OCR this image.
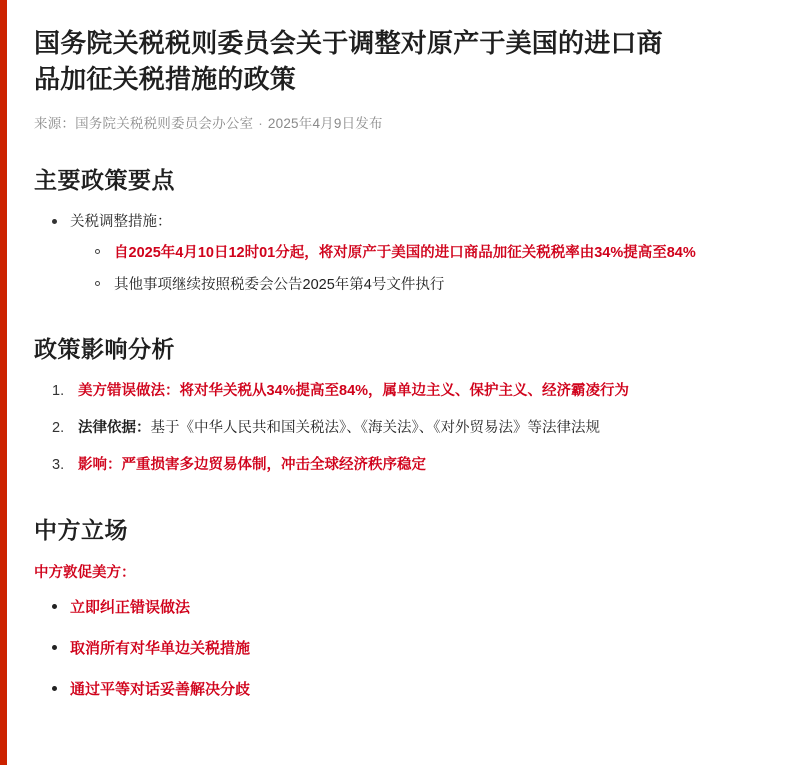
国务院关税税则委员会关于调整对原产于美国的进口商品加征关税措施的政策
来源：国务院关税税则委员会办公室 · 2025年4月9日发布
主要政策要点
关税调整措施：
自2025年4月10日12时01分起，将对原产于美国的进口商品加征关税税率由34%提高至84%
其他事项继续按照税委会公告2025年第4号文件执行
政策影响分析
美方错误做法：将对华关税从34%提高至84%，属单边主义、保护主义、经济霸凌行为
法律依据：基于《中华人民共和国关税法》、《海关法》、《对外贸易法》等法律法规
影响：严重损害多边贸易体制，冲击全球经济秩序稳定
中方立场

中方敦促美方：

立即纠正错误做法
取消所有对华单边关税措施
通过平等对话妥善解决分歧
